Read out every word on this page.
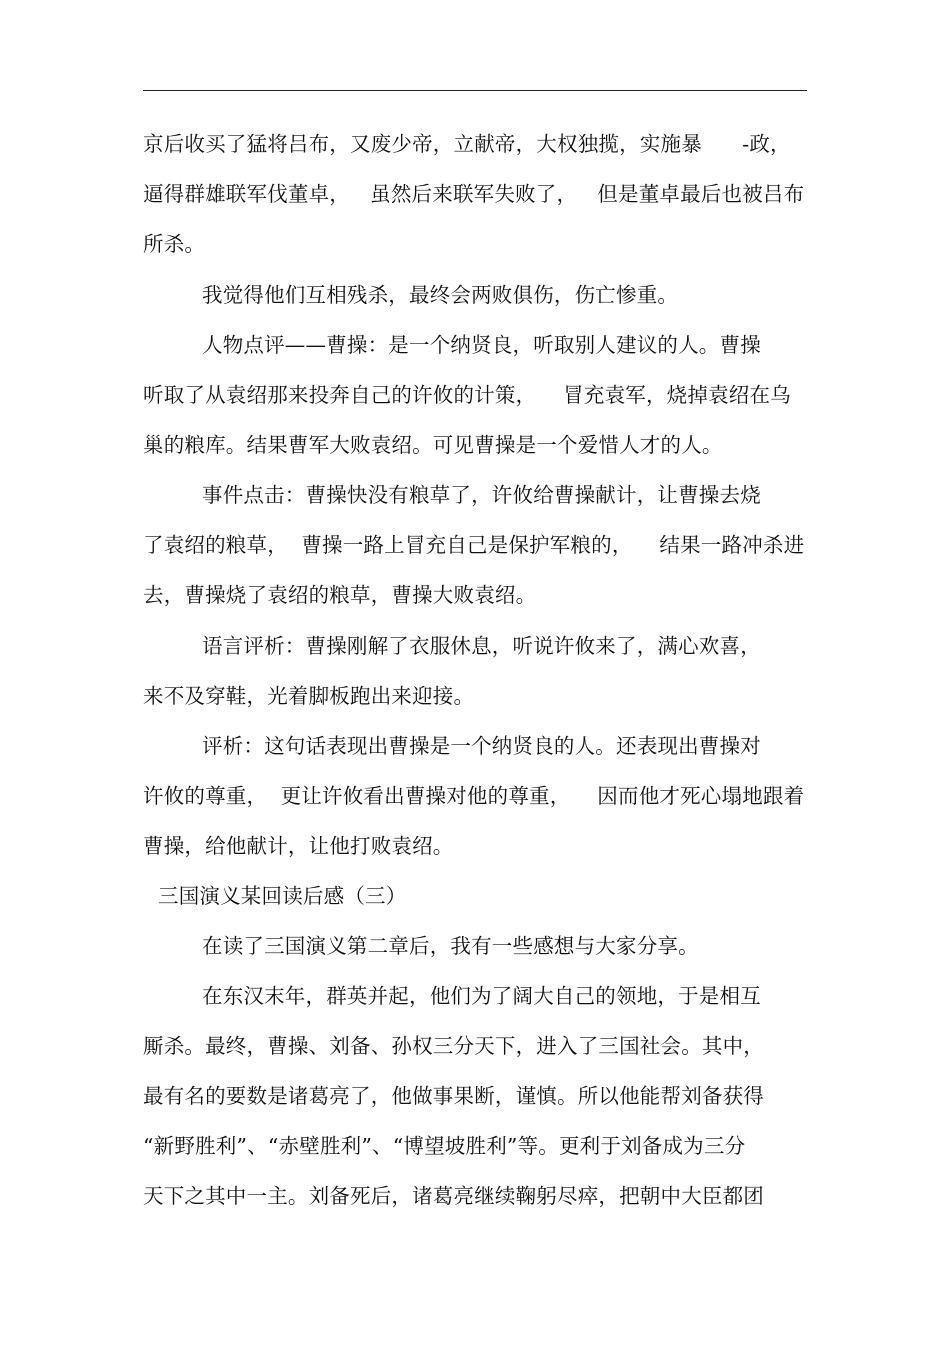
京后收买了猛将吕布，又废少帝，立献帝，大权独揽，实施暴      -政，
逼得群雄联军伐董卓，   虽然后来联军失败了，   但是董卓最后也被吕布
所杀。
我觉得他们互相残杀，最终会两败俱伤，伤亡惨重。
人物点评——曹操：是一个纳贤良，听取别人建议的人。曹操
听取了从袁绍那来投奔自己的许攸的计策，    冒充袁军，烧掉袁绍在乌
巢的粮库。结果曹军大败袁绍。可见曹操是一个爱惜人才的人。
事件点击：曹操快没有粮草了，许攸给曹操献计，让曹操去烧
了袁绍的粮草，  曹操一路上冒充自己是保护军粮的，    结果一路冲杀进
去，曹操烧了袁绍的粮草，曹操大败袁绍。
语言评析：曹操刚解了衣服休息，听说许攸来了，满心欢喜，
来不及穿鞋，光着脚板跑出来迎接。
评析：这句话表现出曹操是一个纳贤良的人。还表现出曹操对
许攸的尊重，  更让许攸看出曹操对他的尊重，    因而他才死心塌地跟着
曹操，给他献计，让他打败袁绍。
三国演义某回读后感（三）
在读了三国演义第二章后，我有一些感想与大家分享。
在东汉末年，群英并起，他们为了阔大自己的领地，于是相互
厮杀。最终，曹操、刘备、孙权三分天下，进入了三国社会。其中，
最有名的要数是诸葛亮了，他做事果断，谨慎。所以他能帮刘备获得
“新野胜利”、“赤壁胜利”、“博望坡胜利”等。更利于刘备成为三分
天下之其中一主。刘备死后，诸葛亮继续鞠躬尽瘁，把朝中大臣都团
